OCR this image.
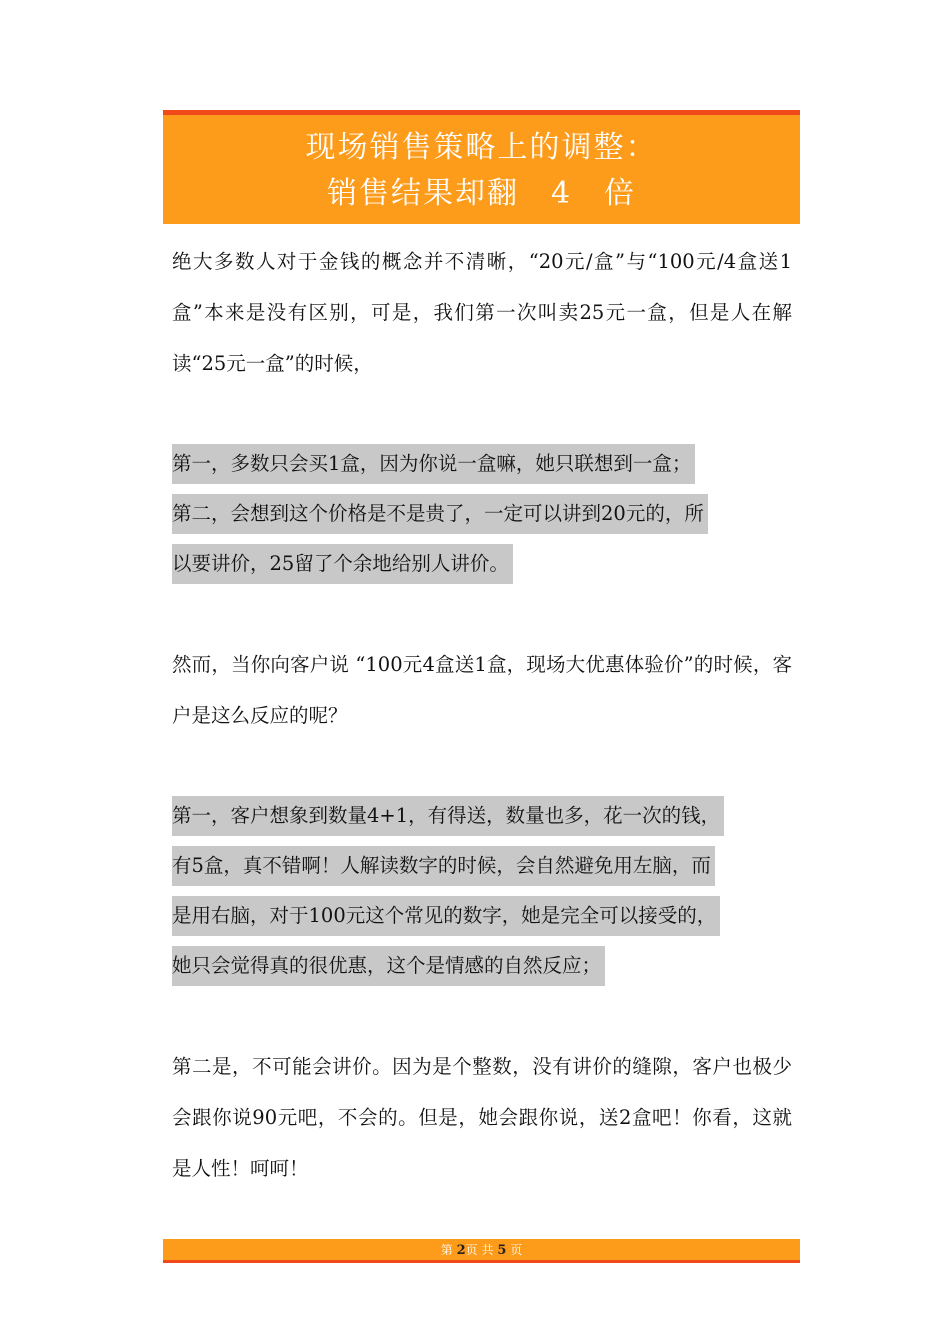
现场销售策略上的调整：
销售结果却翻　4　倍

绝大多数人对于金钱的概念并不清晰，“20元/盒”与“100元/4盒送1盒”本来是没有区别，可是，我们第一次叫卖25元一盒，但是人在解读“25元一盒”的时候，

第一，多数只会买1盒，因为你说一盒嘛，她只联想到一盒；
第二，会想到这个价格是不是贵了，一定可以讲到20元的，所
以要讲价，25留了个余地给别人讲价。

然而，当你向客户说 “100元4盒送1盒，现场大优惠体验价”的时候，客户是这么反应的呢？

第一，客户想象到数量4+1，有得送，数量也多，花一次的钱，
有5盒，真不错啊！人解读数字的时候，会自然避免用左脑，而
是用右脑，对于100元这个常见的数字，她是完全可以接受的，
她只会觉得真的很优惠，这个是情感的自然反应；

第二是，不可能会讲价。因为是个整数，没有讲价的缝隙，客户也极少会跟你说90元吧，不会的。但是，她会跟你说，送2盒吧！你看，这就是人性！呵呵！

第 2页 共 5 页
